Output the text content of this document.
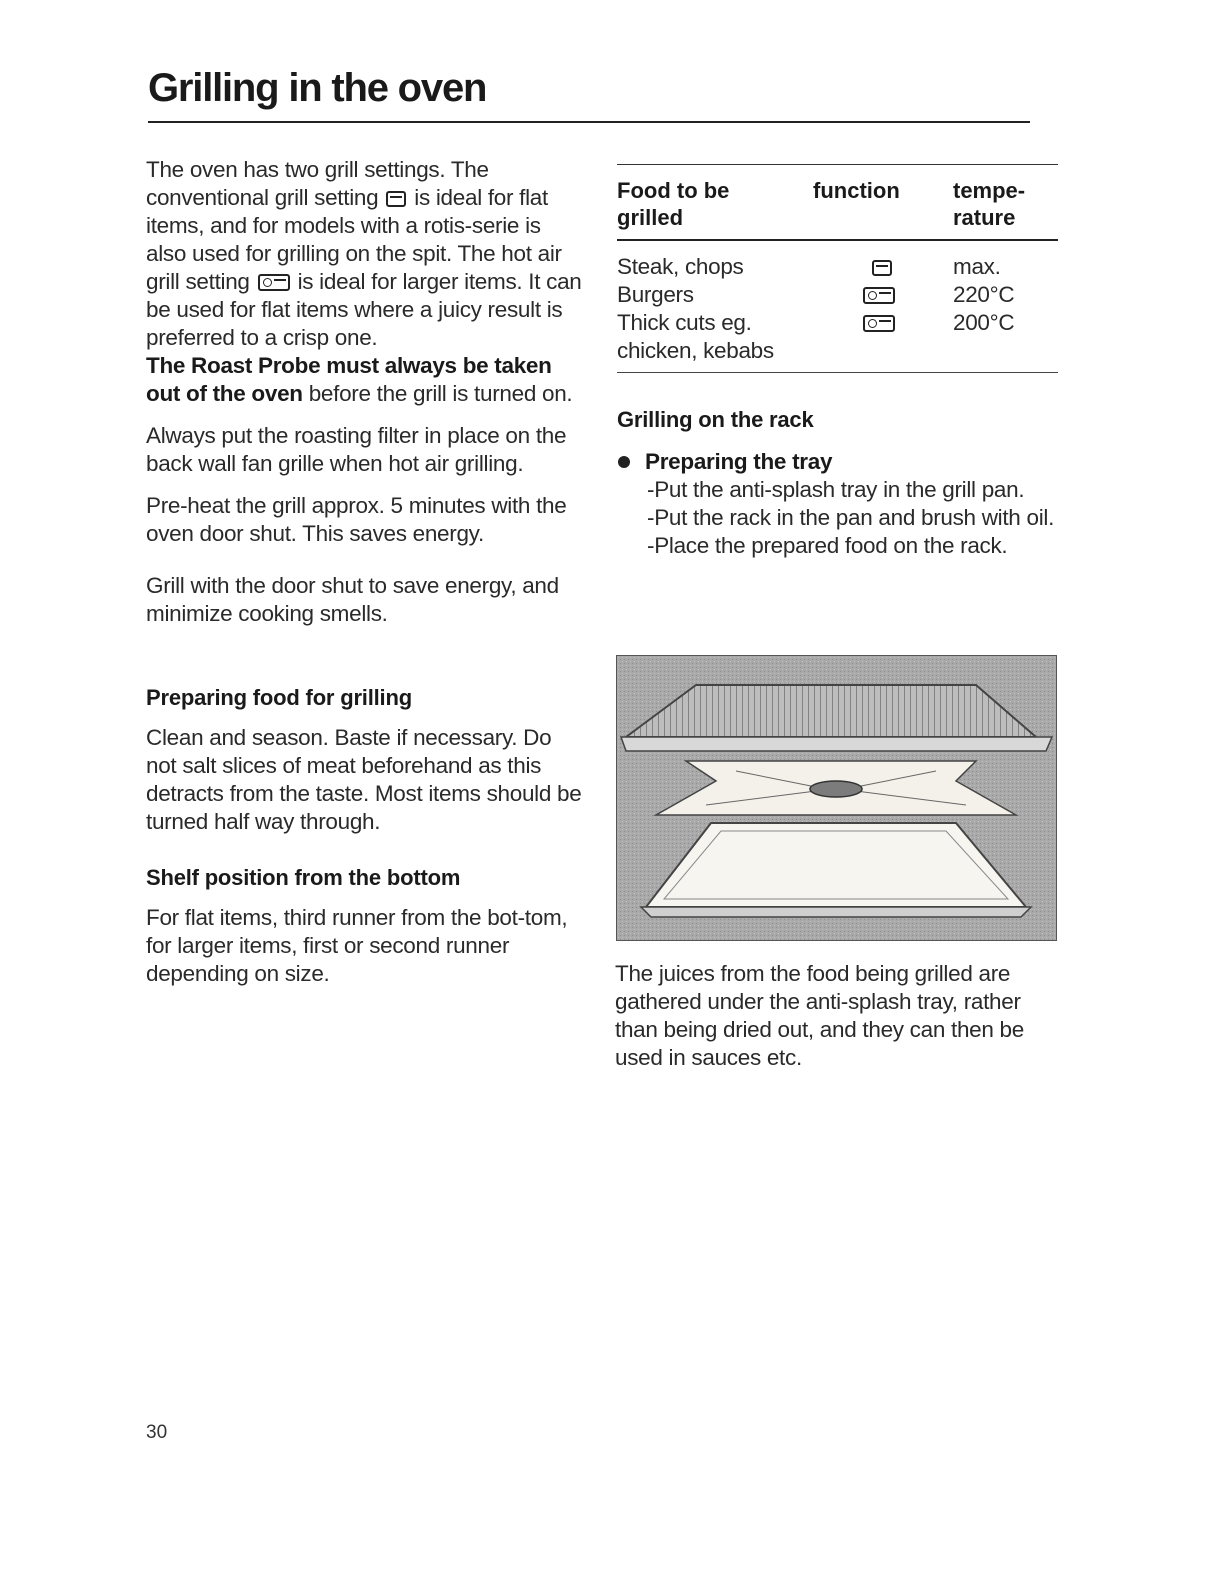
Grilling in the oven

The oven has two grill settings. The conventional grill setting is ideal for flat items, and for models with a rotis-serie is also used for grilling on the spit. The hot air grill setting is ideal for larger items. It can be used for flat items where a juicy result is preferred to a crisp one.

The Roast Probe must always be taken out of the oven before the grill is turned on.

Always put the roasting filter in place on the back wall fan grille when hot air grilling.

Pre-heat the grill approx. 5 minutes with the oven door shut. This saves energy.

Grill with the door shut to save energy, and minimize cooking smells.

Preparing food for grilling

Clean and season. Baste if necessary. Do not salt slices of meat beforehand as this detracts from the taste. Most items should be turned half way through.

Shelf position from the bottom

For flat items, third runner from the bot-tom, for larger items, first or second runner depending on size.

Food to be grilled
function tempe-rature
Steak, chops	max.
Burgers	220°C
Thick cuts eg. chicken, kebabs
200°C
Grilling on the rack
Preparing the tray

-Put the anti-splash tray in the grill pan.

-Put the rack in the pan and brush with oil.

-Place the prepared food on the rack.

The juices from the food being grilled are gathered under the anti-splash tray, rather than being dried out, and they can then be used in sauces etc.

30
